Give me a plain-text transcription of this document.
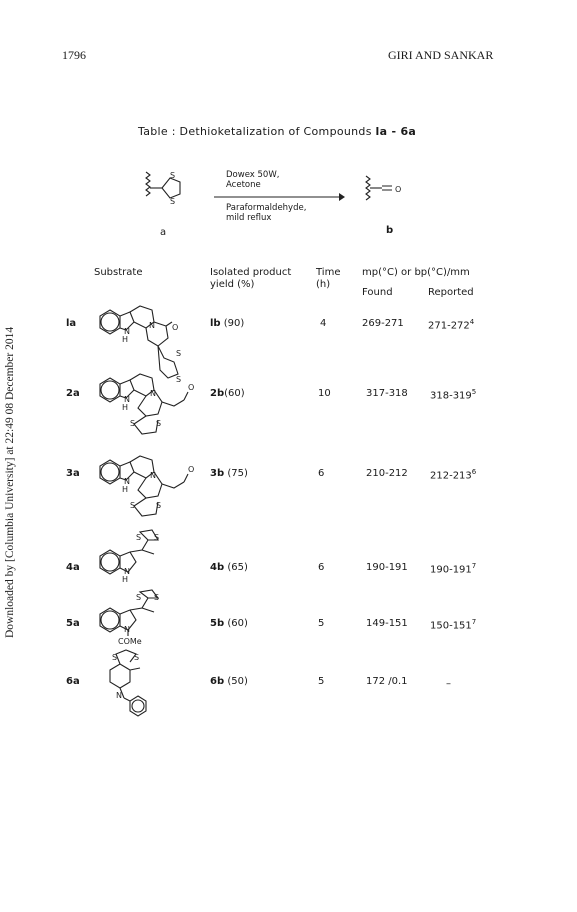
1796	GIRI AND SANKAR
Downloaded by [Columbia University] at 22:49 08 December 2014
Table : Dethioketalization of Compounds la - 6a
S
S
a
Dowex 50W,
Acetone
Paraformaldehyde,
mild reflux
O
b
Substrate	Isolated product
yield (%)
Time
(h)
mp(°C) or bp(°C)/mm
Found	Reported
la
N
H
N O
S
S
lb (90)	4	269-271 $271-272^4$
2a
N
H
N
O
S	S
2b(60)	10	317-318 $318-319^5$
3a
N
H
N
O
S	S
3b (75)	6	210-212 $212-213^6$
4a	N
H
S S
4b (65)	6	190-191 $190-191^7$
5a
N
COMe
S S
5b (60)	5	149-151 $150-151^7$
6a
S S
N
6b (50)	5	172 /0.1	–
